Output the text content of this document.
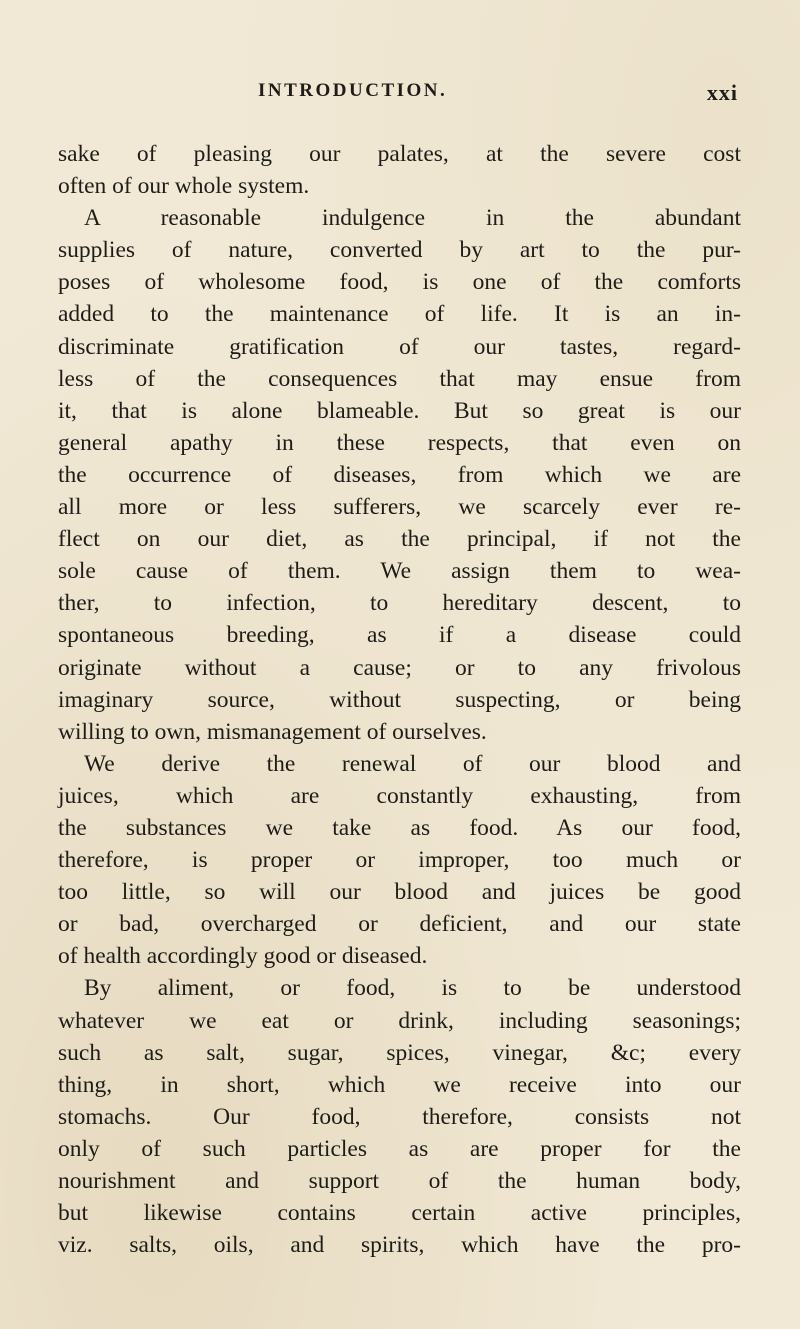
INTRODUCTION.	xxi
sake of pleasing our palates, at the severe cost
often of our whole system.
A reasonable indulgence in the abundant
supplies of nature, converted by art to the pur-
poses of wholesome food, is one of the comforts
added to the maintenance of life. It is an in-
discriminate gratification of our tastes, regard-
less of the consequences that may ensue from
it, that is alone blameable. But so great is our
general apathy in these respects, that even on
the occurrence of diseases, from which we are
all more or less sufferers, we scarcely ever re-
flect on our diet, as the principal, if not the
sole cause of them. We assign them to wea-
ther, to infection, to hereditary descent, to
spontaneous breeding, as if a disease could
originate without a cause; or to any frivolous
imaginary source, without suspecting, or being
willing to own, mismanagement of ourselves.
We derive the renewal of our blood and
juices, which are constantly exhausting, from
the substances we take as food. As our food,
therefore, is proper or improper, too much or
too little, so will our blood and juices be good
or bad, overcharged or deficient, and our state
of health accordingly good or diseased.
By aliment, or food, is to be understood
whatever we eat or drink, including seasonings;
such as salt, sugar, spices, vinegar, &c; every
thing, in short, which we receive into our
stomachs. Our food, therefore, consists not
only of such particles as are proper for the
nourishment and support of the human body,
but likewise contains certain active principles,
viz. salts, oils, and spirits, which have the pro-
